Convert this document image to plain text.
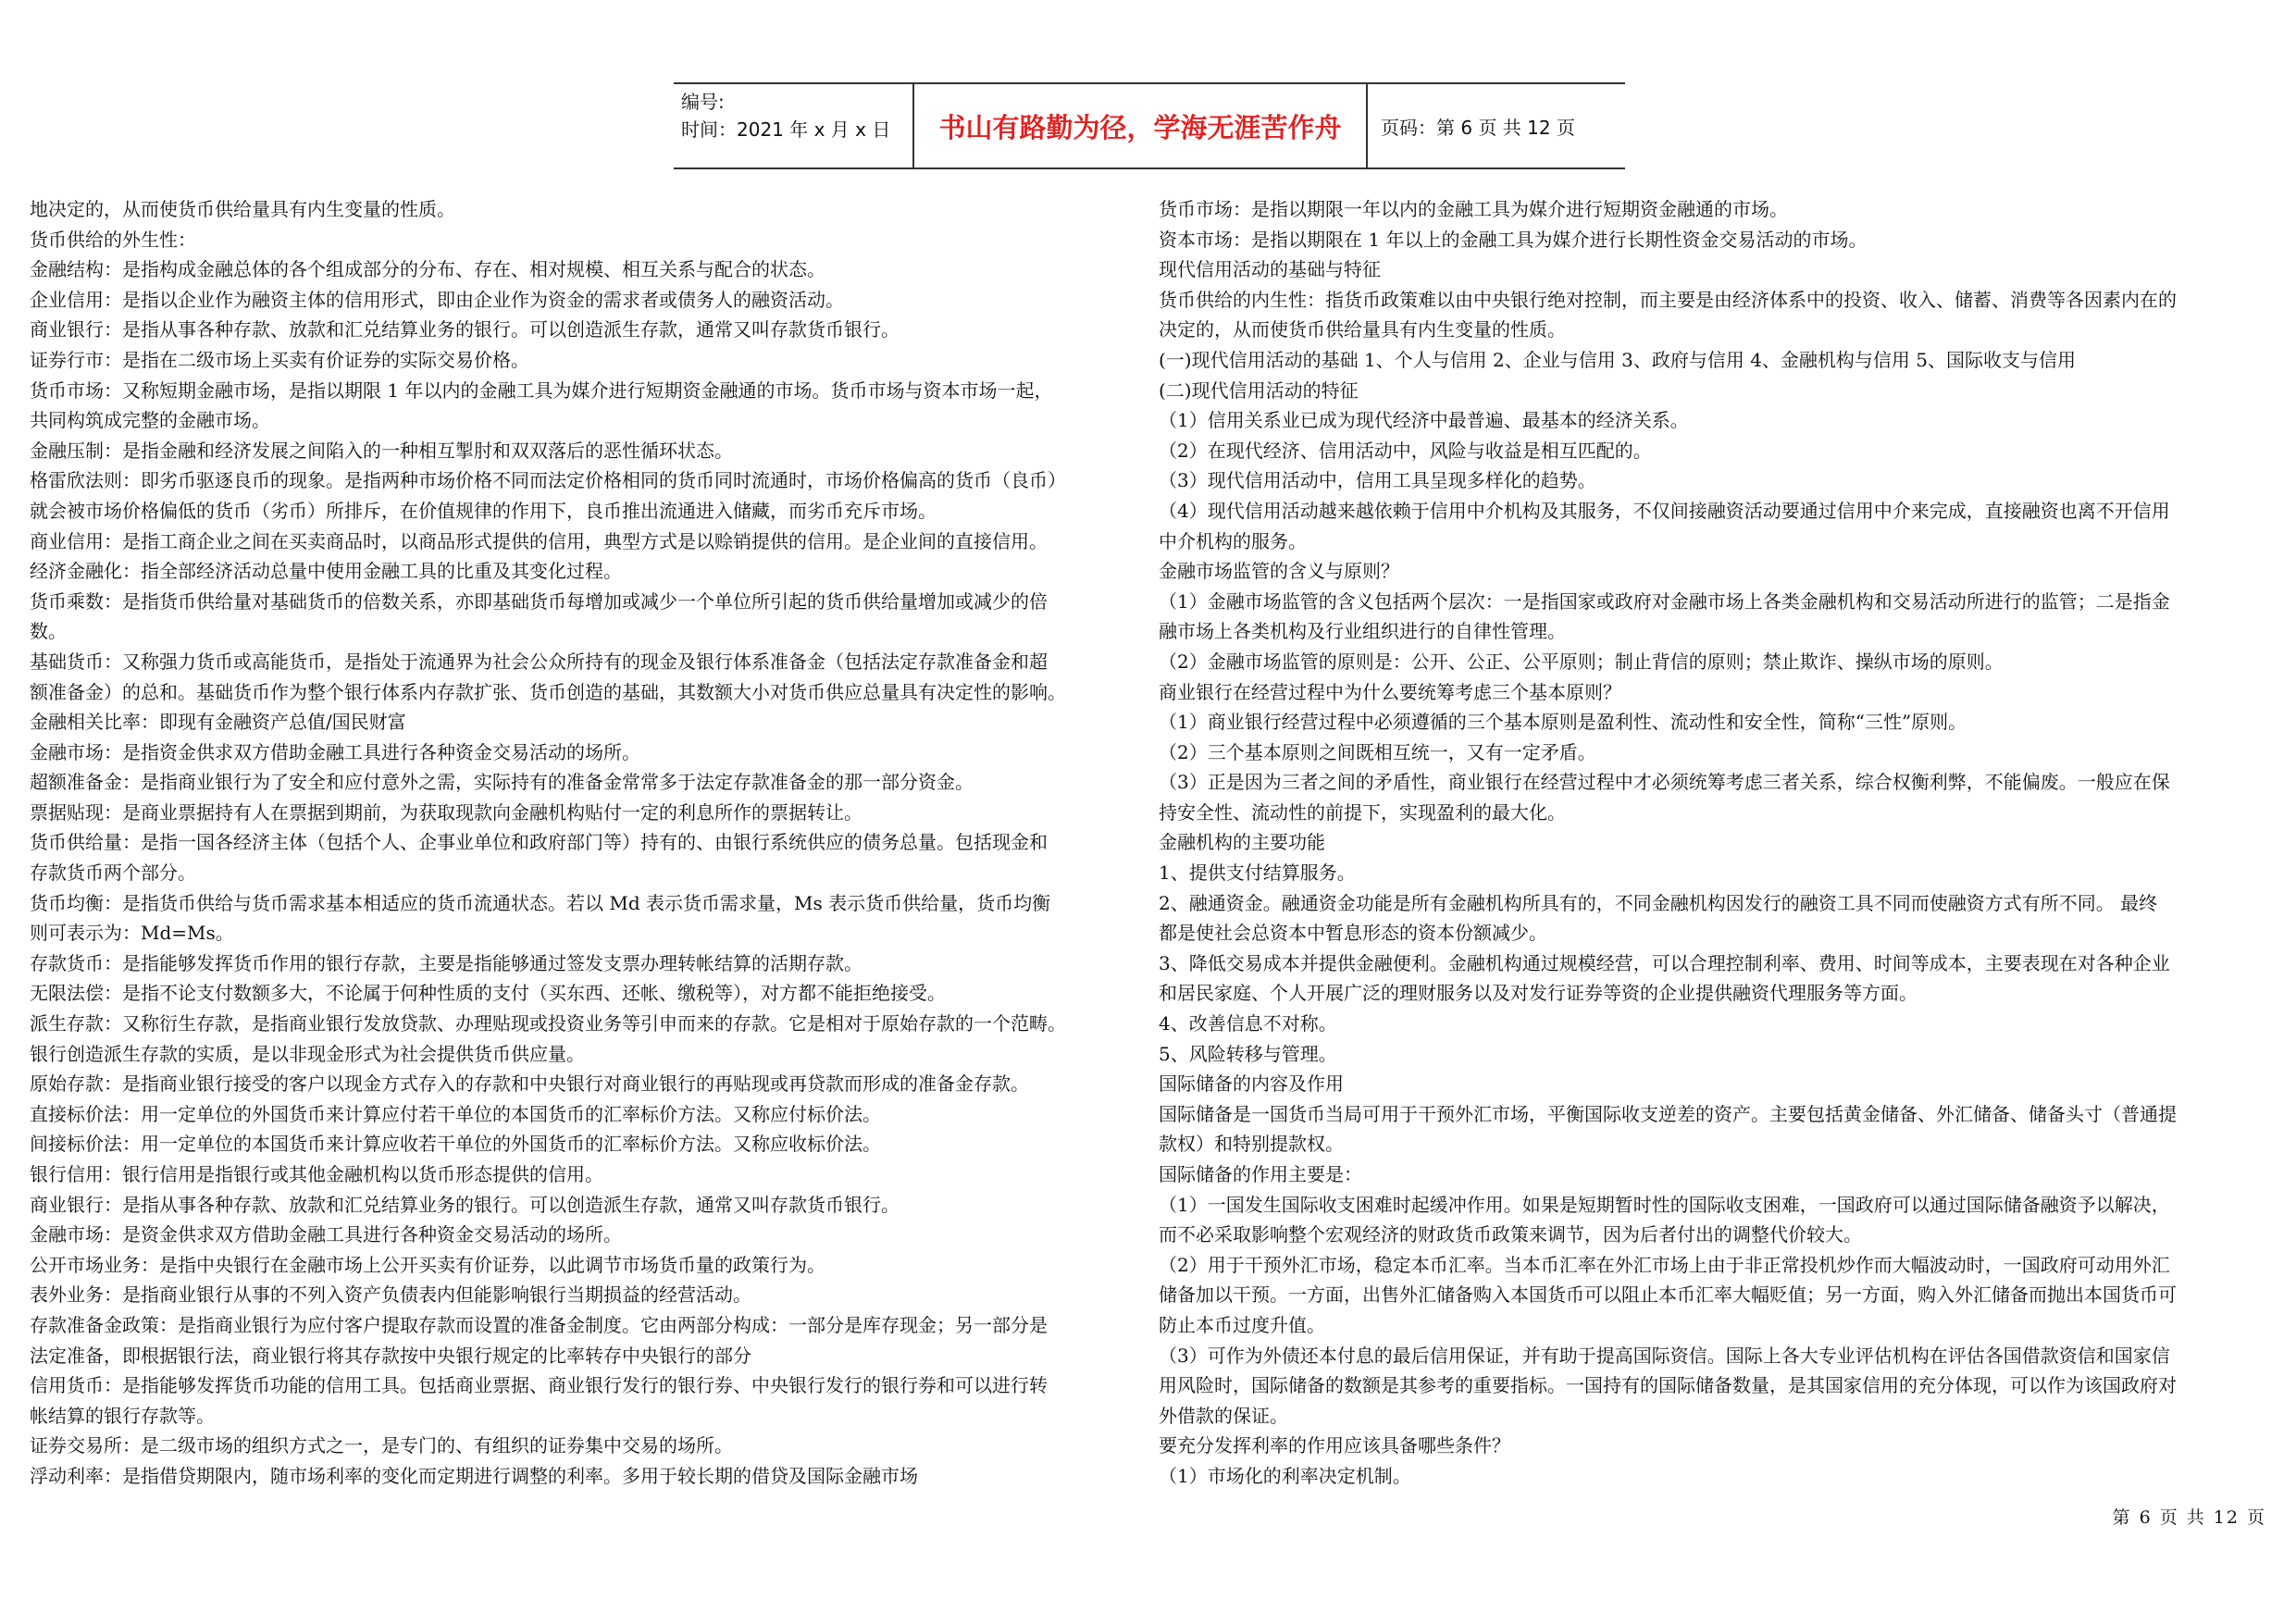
编号:
时间：2021 年 x 月 x 日	书山有路勤为径，学海无涯苦作舟	页码：第 6 页 共 12 页
地决定的，从而使货币供给量具有内生变量的性质。
货币供给的外生性：
金融结构：是指构成金融总体的各个组成部分的分布、存在、相对规模、相互关系与配合的状态。
企业信用：是指以企业作为融资主体的信用形式，即由企业作为资金的需求者或债务人的融资活动。
商业银行：是指从事各种存款、放款和汇兑结算业务的银行。可以创造派生存款，通常又叫存款货币银行。
证券行市：是指在二级市场上买卖有价证券的实际交易价格。
货币市场：又称短期金融市场，是指以期限 1 年以内的金融工具为媒介进行短期资金融通的市场。货币市场与资本市场一起，
共同构筑成完整的金融市场。
金融压制：是指金融和经济发展之间陷入的一种相互掣肘和双双落后的恶性循环状态。
格雷欣法则：即劣币驱逐良币的现象。是指两种市场价格不同而法定价格相同的货币同时流通时，市场价格偏高的货币（良币）
就会被市场价格偏低的货币（劣币）所排斥，在价值规律的作用下，良币推出流通进入储藏，而劣币充斥市场。
商业信用：是指工商企业之间在买卖商品时，以商品形式提供的信用，典型方式是以赊销提供的信用。是企业间的直接信用。
经济金融化：指全部经济活动总量中使用金融工具的比重及其变化过程。
货币乘数：是指货币供给量对基础货币的倍数关系，亦即基础货币每增加或减少一个单位所引起的货币供给量增加或减少的倍
数。
基础货币：又称强力货币或高能货币，是指处于流通界为社会公众所持有的现金及银行体系准备金（包括法定存款准备金和超
额准备金）的总和。基础货币作为整个银行体系内存款扩张、货币创造的基础，其数额大小对货币供应总量具有决定性的影响。
金融相关比率：即现有金融资产总值/国民财富
金融市场：是指资金供求双方借助金融工具进行各种资金交易活动的场所。
超额准备金：是指商业银行为了安全和应付意外之需，实际持有的准备金常常多于法定存款准备金的那一部分资金。
票据贴现：是商业票据持有人在票据到期前，为获取现款向金融机构贴付一定的利息所作的票据转让。
货币供给量：是指一国各经济主体（包括个人、企事业单位和政府部门等）持有的、由银行系统供应的债务总量。包括现金和
存款货币两个部分。
货币均衡：是指货币供给与货币需求基本相适应的货币流通状态。若以 Md 表示货币需求量，Ms 表示货币供给量，货币均衡
则可表示为：Md=Ms。
存款货币：是指能够发挥货币作用的银行存款，主要是指能够通过签发支票办理转帐结算的活期存款。
无限法偿：是指不论支付数额多大，不论属于何种性质的支付（买东西、还帐、缴税等），对方都不能拒绝接受。
派生存款：又称衍生存款，是指商业银行发放贷款、办理贴现或投资业务等引申而来的存款。它是相对于原始存款的一个范畴。
银行创造派生存款的实质，是以非现金形式为社会提供货币供应量。
原始存款：是指商业银行接受的客户以现金方式存入的存款和中央银行对商业银行的再贴现或再贷款而形成的准备金存款。
直接标价法：用一定单位的外国货币来计算应付若干单位的本国货币的汇率标价方法。又称应付标价法。
间接标价法：用一定单位的本国货币来计算应收若干单位的外国货币的汇率标价方法。又称应收标价法。
银行信用：银行信用是指银行或其他金融机构以货币形态提供的信用。
商业银行：是指从事各种存款、放款和汇兑结算业务的银行。可以创造派生存款，通常又叫存款货币银行。
金融市场：是资金供求双方借助金融工具进行各种资金交易活动的场所。
公开市场业务：是指中央银行在金融市场上公开买卖有价证券，以此调节市场货币量的政策行为。
表外业务：是指商业银行从事的不列入资产负债表内但能影响银行当期损益的经营活动。
存款准备金政策：是指商业银行为应付客户提取存款而设置的准备金制度。它由两部分构成：一部分是库存现金；另一部分是
法定准备，即根据银行法，商业银行将其存款按中央银行规定的比率转存中央银行的部分
信用货币：是指能够发挥货币功能的信用工具。包括商业票据、商业银行发行的银行券、中央银行发行的银行券和可以进行转
帐结算的银行存款等。
证券交易所：是二级市场的组织方式之一，是专门的、有组织的证券集中交易的场所。
浮动利率：是指借贷期限内，随市场利率的变化而定期进行调整的利率。多用于较长期的借贷及国际金融市场
货币市场：是指以期限一年以内的金融工具为媒介进行短期资金融通的市场。
资本市场：是指以期限在 1 年以上的金融工具为媒介进行长期性资金交易活动的市场。
现代信用活动的基础与特征
货币供给的内生性：指货币政策难以由中央银行绝对控制，而主要是由经济体系中的投资、收入、储蓄、消费等各因素内在的
决定的，从而使货币供给量具有内生变量的性质。
(一)现代信用活动的基础 1、个人与信用 2、企业与信用 3、政府与信用 4、金融机构与信用 5、国际收支与信用
(二)现代信用活动的特征
（1）信用关系业已成为现代经济中最普遍、最基本的经济关系。
（2）在现代经济、信用活动中，风险与收益是相互匹配的。
（3）现代信用活动中，信用工具呈现多样化的趋势。
（4）现代信用活动越来越依赖于信用中介机构及其服务，不仅间接融资活动要通过信用中介来完成，直接融资也离不开信用
中介机构的服务。
金融市场监管的含义与原则？
（1）金融市场监管的含义包括两个层次：一是指国家或政府对金融市场上各类金融机构和交易活动所进行的监管；二是指金
融市场上各类机构及行业组织进行的自律性管理。
（2）金融市场监管的原则是：公开、公正、公平原则；制止背信的原则；禁止欺诈、操纵市场的原则。
商业银行在经营过程中为什么要统筹考虑三个基本原则？
（1）商业银行经营过程中必须遵循的三个基本原则是盈利性、流动性和安全性，简称“三性”原则。
（2）三个基本原则之间既相互统一，又有一定矛盾。
（3）正是因为三者之间的矛盾性，商业银行在经营过程中才必须统筹考虑三者关系，综合权衡利弊，不能偏废。一般应在保
持安全性、流动性的前提下，实现盈利的最大化。
金融机构的主要功能
1、提供支付结算服务。
2、融通资金。融通资金功能是所有金融机构所具有的，不同金融机构因发行的融资工具不同而使融资方式有所不同。 最终
都是使社会总资本中暂息形态的资本份额减少。
3、降低交易成本并提供金融便利。金融机构通过规模经营，可以合理控制利率、费用、时间等成本，主要表现在对各种企业
和居民家庭、个人开展广泛的理财服务以及对发行证券等资的企业提供融资代理服务等方面。
4、改善信息不对称。
5、风险转移与管理。
国际储备的内容及作用
国际储备是一国货币当局可用于干预外汇市场，平衡国际收支逆差的资产。主要包括黄金储备、外汇储备、储备头寸（普通提
款权）和特别提款权。
国际储备的作用主要是：
（1）一国发生国际收支困难时起缓冲作用。如果是短期暂时性的国际收支困难，一国政府可以通过国际储备融资予以解决，
而不必采取影响整个宏观经济的财政货币政策来调节，因为后者付出的调整代价较大。
（2）用于干预外汇市场，稳定本币汇率。当本币汇率在外汇市场上由于非正常投机炒作而大幅波动时，一国政府可动用外汇
储备加以干预。一方面，出售外汇储备购入本国货币可以阻止本币汇率大幅贬值；另一方面，购入外汇储备而抛出本国货币可
防止本币过度升值。
（3）可作为外债还本付息的最后信用保证，并有助于提高国际资信。国际上各大专业评估机构在评估各国借款资信和国家信
用风险时，国际储备的数额是其参考的重要指标。一国持有的国际储备数量，是其国家信用的充分体现，可以作为该国政府对
外借款的保证。
要充分发挥利率的作用应该具备哪些条件？
（1）市场化的利率决定机制。
第 6 页 共 12 页
